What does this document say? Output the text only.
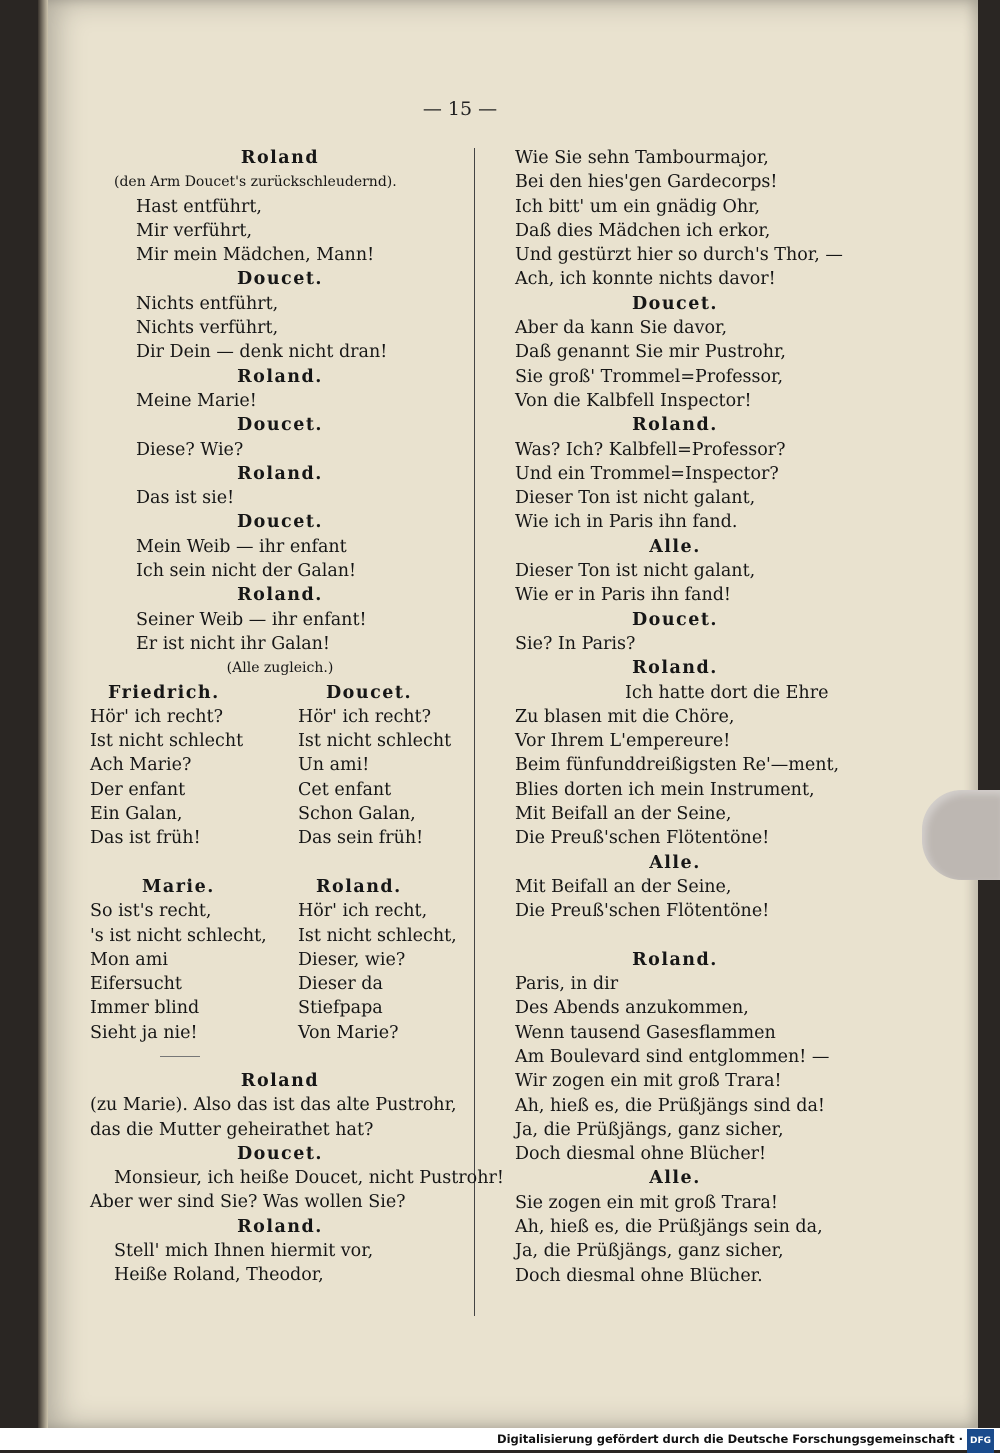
— 15 —
Roland
(den Arm Doucet's zurückschleudernd).
Hast entführt,
Mir verführt,
Mir mein Mädchen, Mann!
Doucet.
Nichts entführt,
Nichts verführt,
Dir Dein — denk nicht dran!
Roland.
Meine Marie!
Doucet.
Diese? Wie?
Roland.
Das ist sie!
Doucet.
Mein Weib — ihr enfant
Ich sein nicht der Galan!
Roland.
Seiner Weib — ihr enfant!
Er ist nicht ihr Galan!
(Alle zugleich.)
Friedrich.
Hör' ich recht?
Ist nicht schlecht
Ach Marie?
Der enfant
Ein Galan,
Das ist früh!
Doucet.
Hör' ich recht?
Ist nicht schlecht
Un ami!
Cet enfant
Schon Galan,
Das sein früh!
Marie.
So ist's recht,
's ist nicht schlecht,
Mon ami
Eifersucht
Immer blind
Sieht ja nie!
Roland.
Hör' ich recht,
Ist nicht schlecht,
Dieser, wie?
Dieser da
Stiefpapa
Von Marie?
Roland
(zu Marie). Also das ist das alte Pustrohr,
das die Mutter geheirathet hat?
Doucet.
Monsieur, ich heiße Doucet, nicht Pustrohr!
Aber wer sind Sie? Was wollen Sie?
Roland.
Stell' mich Ihnen hiermit vor,
Heiße Roland, Theodor,
Wie Sie sehn Tambourmajor,
Bei den hies'gen Gardecorps!
Ich bitt' um ein gnädig Ohr,
Daß dies Mädchen ich erkor,
Und gestürzt hier so durch's Thor, —
Ach, ich konnte nichts davor!
Doucet.
Aber da kann Sie davor,
Daß genannt Sie mir Pustrohr,
Sie groß' Trommel=Professor,
Von die Kalbfell Inspector!
Roland.
Was? Ich? Kalbfell=Professor?
Und ein Trommel=Inspector?
Dieser Ton ist nicht galant,
Wie ich in Paris ihn fand.
Alle.
Dieser Ton ist nicht galant,
Wie er in Paris ihn fand!
Doucet.
Sie? In Paris?
Roland.
Ich hatte dort die Ehre
Zu blasen mit die Chöre,
Vor Ihrem L'empereure!
Beim fünfunddreißigsten Re'—ment,
Blies dorten ich mein Instrument,
Mit Beifall an der Seine,
Die Preuß'schen Flötentöne!
Alle.
Mit Beifall an der Seine,
Die Preuß'schen Flötentöne!
Roland.
Paris, in dir
Des Abends anzukommen,
Wenn tausend Gasesflammen
Am Boulevard sind entglommen! —
Wir zogen ein mit groß Trara!
Ah, hieß es, die Prüßjängs sind da!
Ja, die Prüßjängs, ganz sicher,
Doch diesmal ohne Blücher!
Alle.
Sie zogen ein mit groß Trara!
Ah, hieß es, die Prüßjängs sein da,
Ja, die Prüßjängs, ganz sicher,
Doch diesmal ohne Blücher.
Digitalisierung gefördert durch die Deutsche Forschungsgemeinschaft · DFG
